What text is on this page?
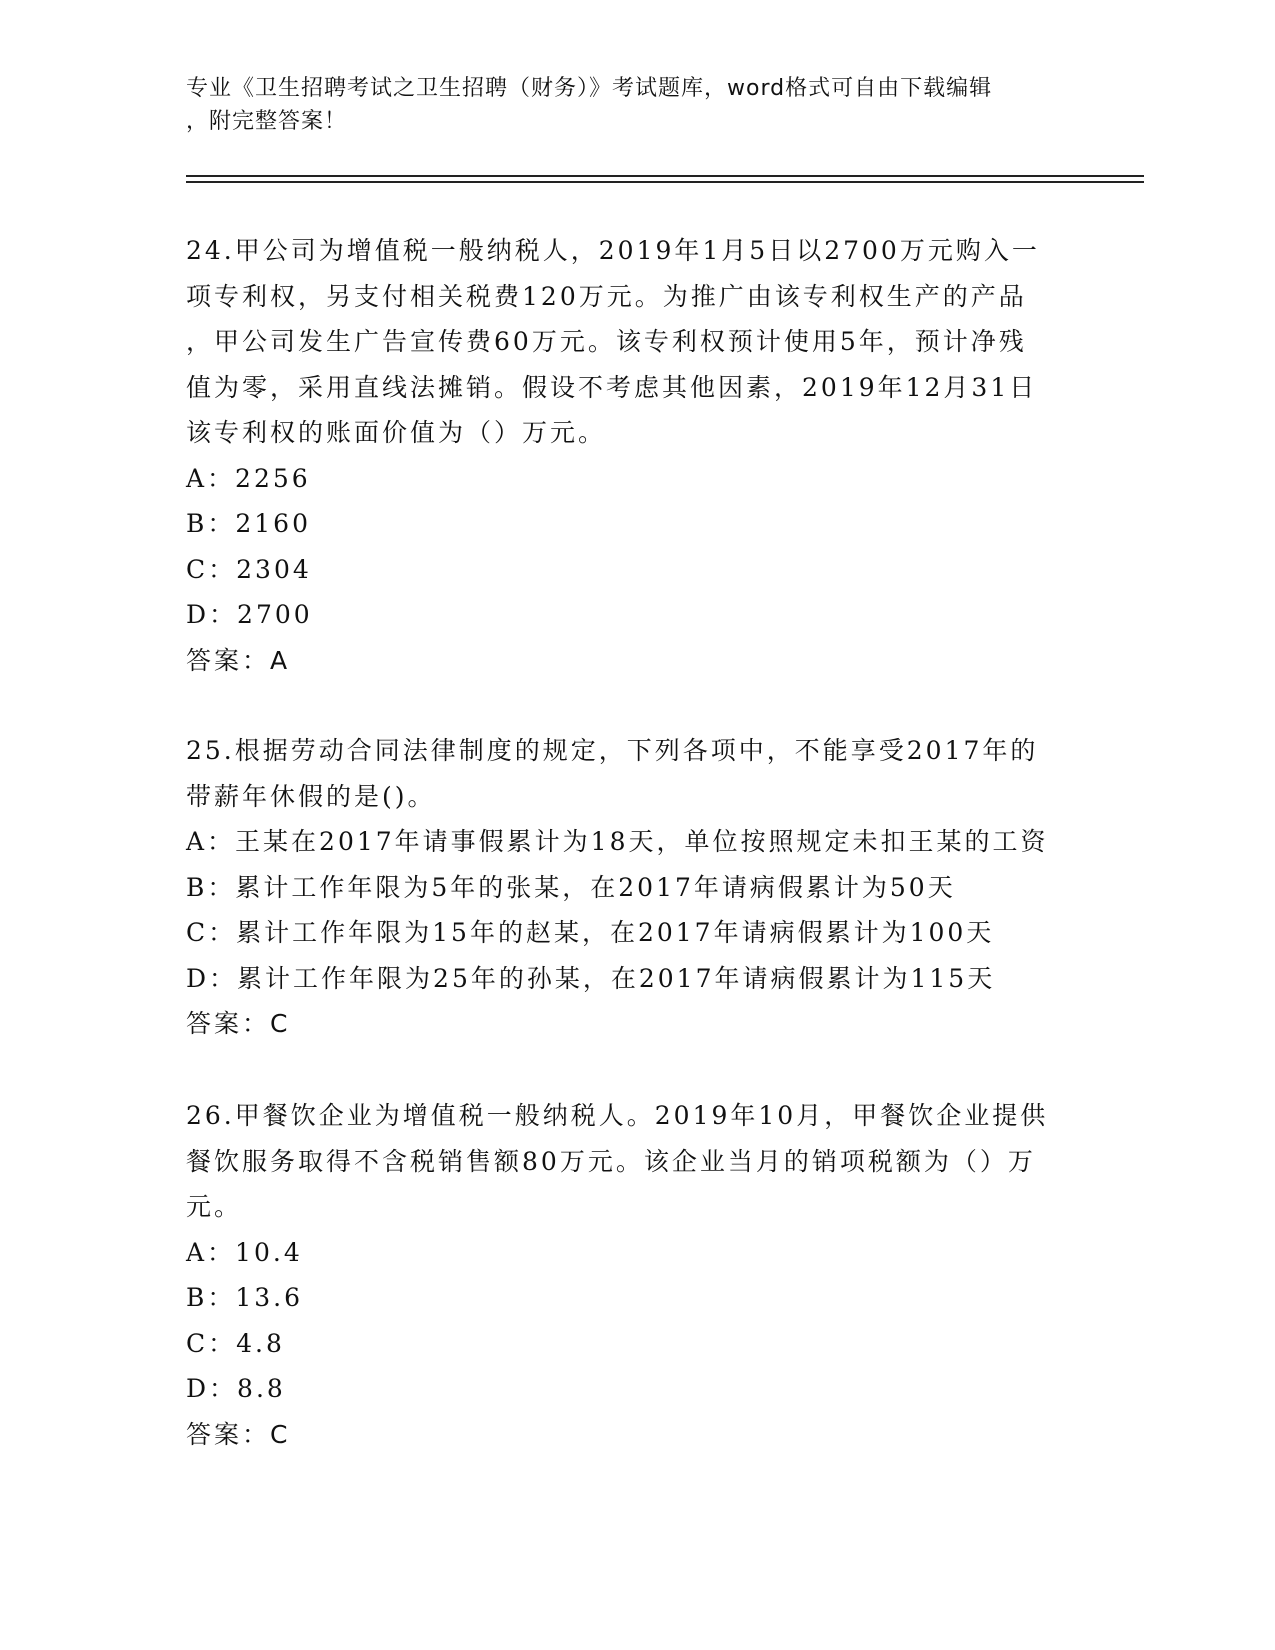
专业《卫生招聘考试之卫生招聘（财务）》考试题库，word格式可自由下载编辑

，附完整答案！

24.甲公司为增值税一般纳税人，2019年1月5日以2700万元购入一

项专利权，另支付相关税费120万元。为推广由该专利权生产的产品

，甲公司发生广告宣传费60万元。该专利权预计使用5年，预计净残

值为零，采用直线法摊销。假设不考虑其他因素，2019年12月31日

该专利权的账面价值为（）万元。

A：2256

B：2160

C：2304

D：2700

答案：A

25.根据劳动合同法律制度的规定，下列各项中，不能享受2017年的

带薪年休假的是()。

A：王某在2017年请事假累计为18天，单位按照规定未扣王某的工资

B：累计工作年限为5年的张某，在2017年请病假累计为50天

C：累计工作年限为15年的赵某，在2017年请病假累计为100天

D：累计工作年限为25年的孙某，在2017年请病假累计为115天

答案：C

26.甲餐饮企业为增值税一般纳税人。2019年10月，甲餐饮企业提供

餐饮服务取得不含税销售额80万元。该企业当月的销项税额为（）万

元。

A：10.4

B：13.6

C：4.8

D：8.8

答案：C
